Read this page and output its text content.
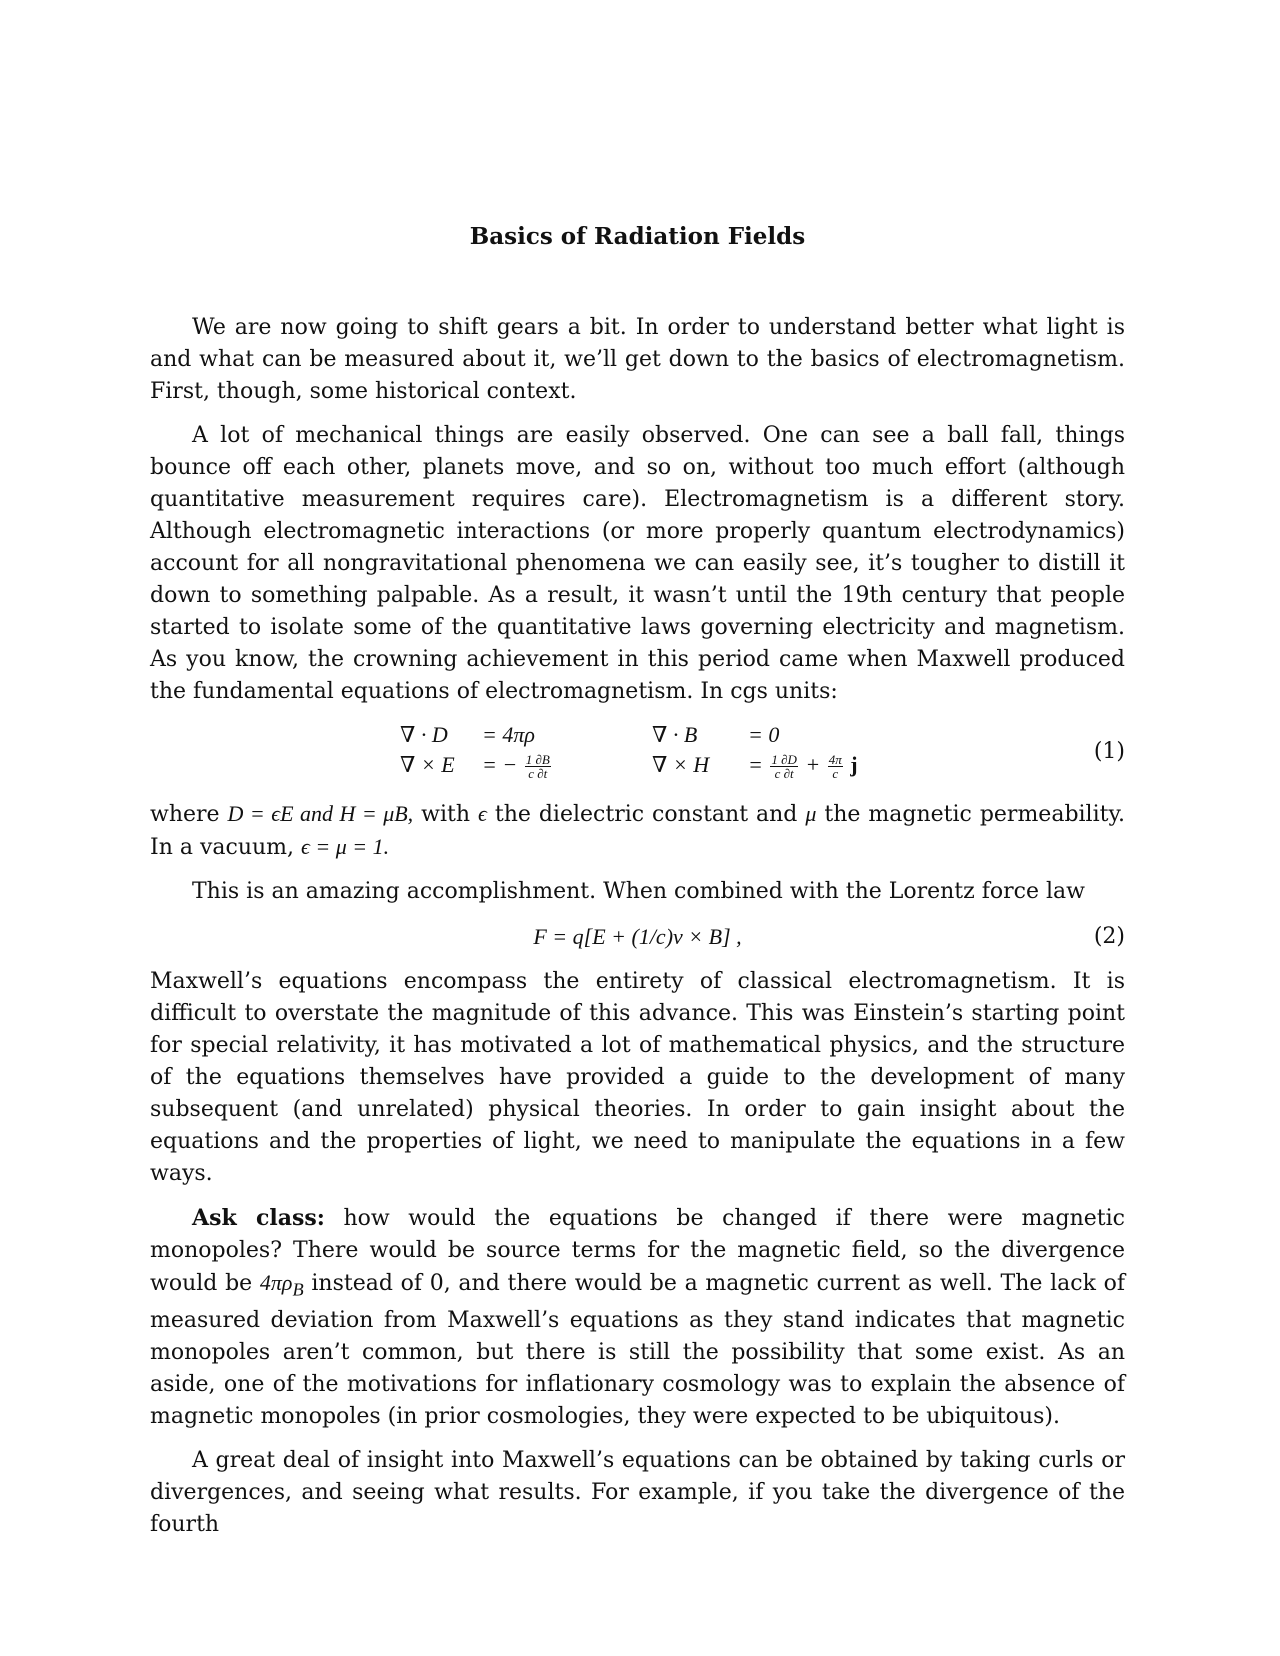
Basics of Radiation Fields

We are now going to shift gears a bit. In order to understand better what light is and what can be measured about it, we’ll get down to the basics of electromagnetism. First, though, some historical context.

A lot of mechanical things are easily observed. One can see a ball fall, things bounce off each other, planets move, and so on, without too much effort (although quantitative measurement requires care). Electromagnetism is a different story. Although electromagnetic interactions (or more properly quantum electrodynamics) account for all nongravitational phenomena we can easily see, it’s tougher to distill it down to something palpable. As a result, it wasn’t until the 19th century that people started to isolate some of the quantitative laws governing electricity and magnetism. As you know, the crowning achievement in this period came when Maxwell produced the fundamental equations of electromagnetism. In cgs units:

∇ · D	= 4πρ	∇ · B	= 0
∇ × E	= − $\frac{1 \partial B}{c \partial t}$	∇ × H	= $\frac{1 \partial D}{c \partial t} + \frac{4\pi}{c}$ j
(1)

where D = ϵE and H = μB, with ϵ the dielectric constant and μ the magnetic permeability. In a vacuum, ϵ = μ = 1.

This is an amazing accomplishment. When combined with the Lorentz force law

F = q[E + (1/c)v × B] ,	(2)

Maxwell’s equations encompass the entirety of classical electromagnetism. It is difficult to overstate the magnitude of this advance. This was Einstein’s starting point for special relativity, it has motivated a lot of mathematical physics, and the structure of the equations themselves have provided a guide to the development of many subsequent (and unrelated) physical theories. In order to gain insight about the equations and the properties of light, we need to manipulate the equations in a few ways.

Ask class: how would the equations be changed if there were magnetic monopoles? There would be source terms for the magnetic field, so the divergence would be $4\pi\rho_B$ instead of 0, and there would be a magnetic current as well. The lack of measured deviation from Maxwell’s equations as they stand indicates that magnetic monopoles aren’t common, but there is still the possibility that some exist. As an aside, one of the motivations for inflationary cosmology was to explain the absence of magnetic monopoles (in prior cosmologies, they were expected to be ubiquitous).

A great deal of insight into Maxwell’s equations can be obtained by taking curls or divergences, and seeing what results. For example, if you take the divergence of the fourth
